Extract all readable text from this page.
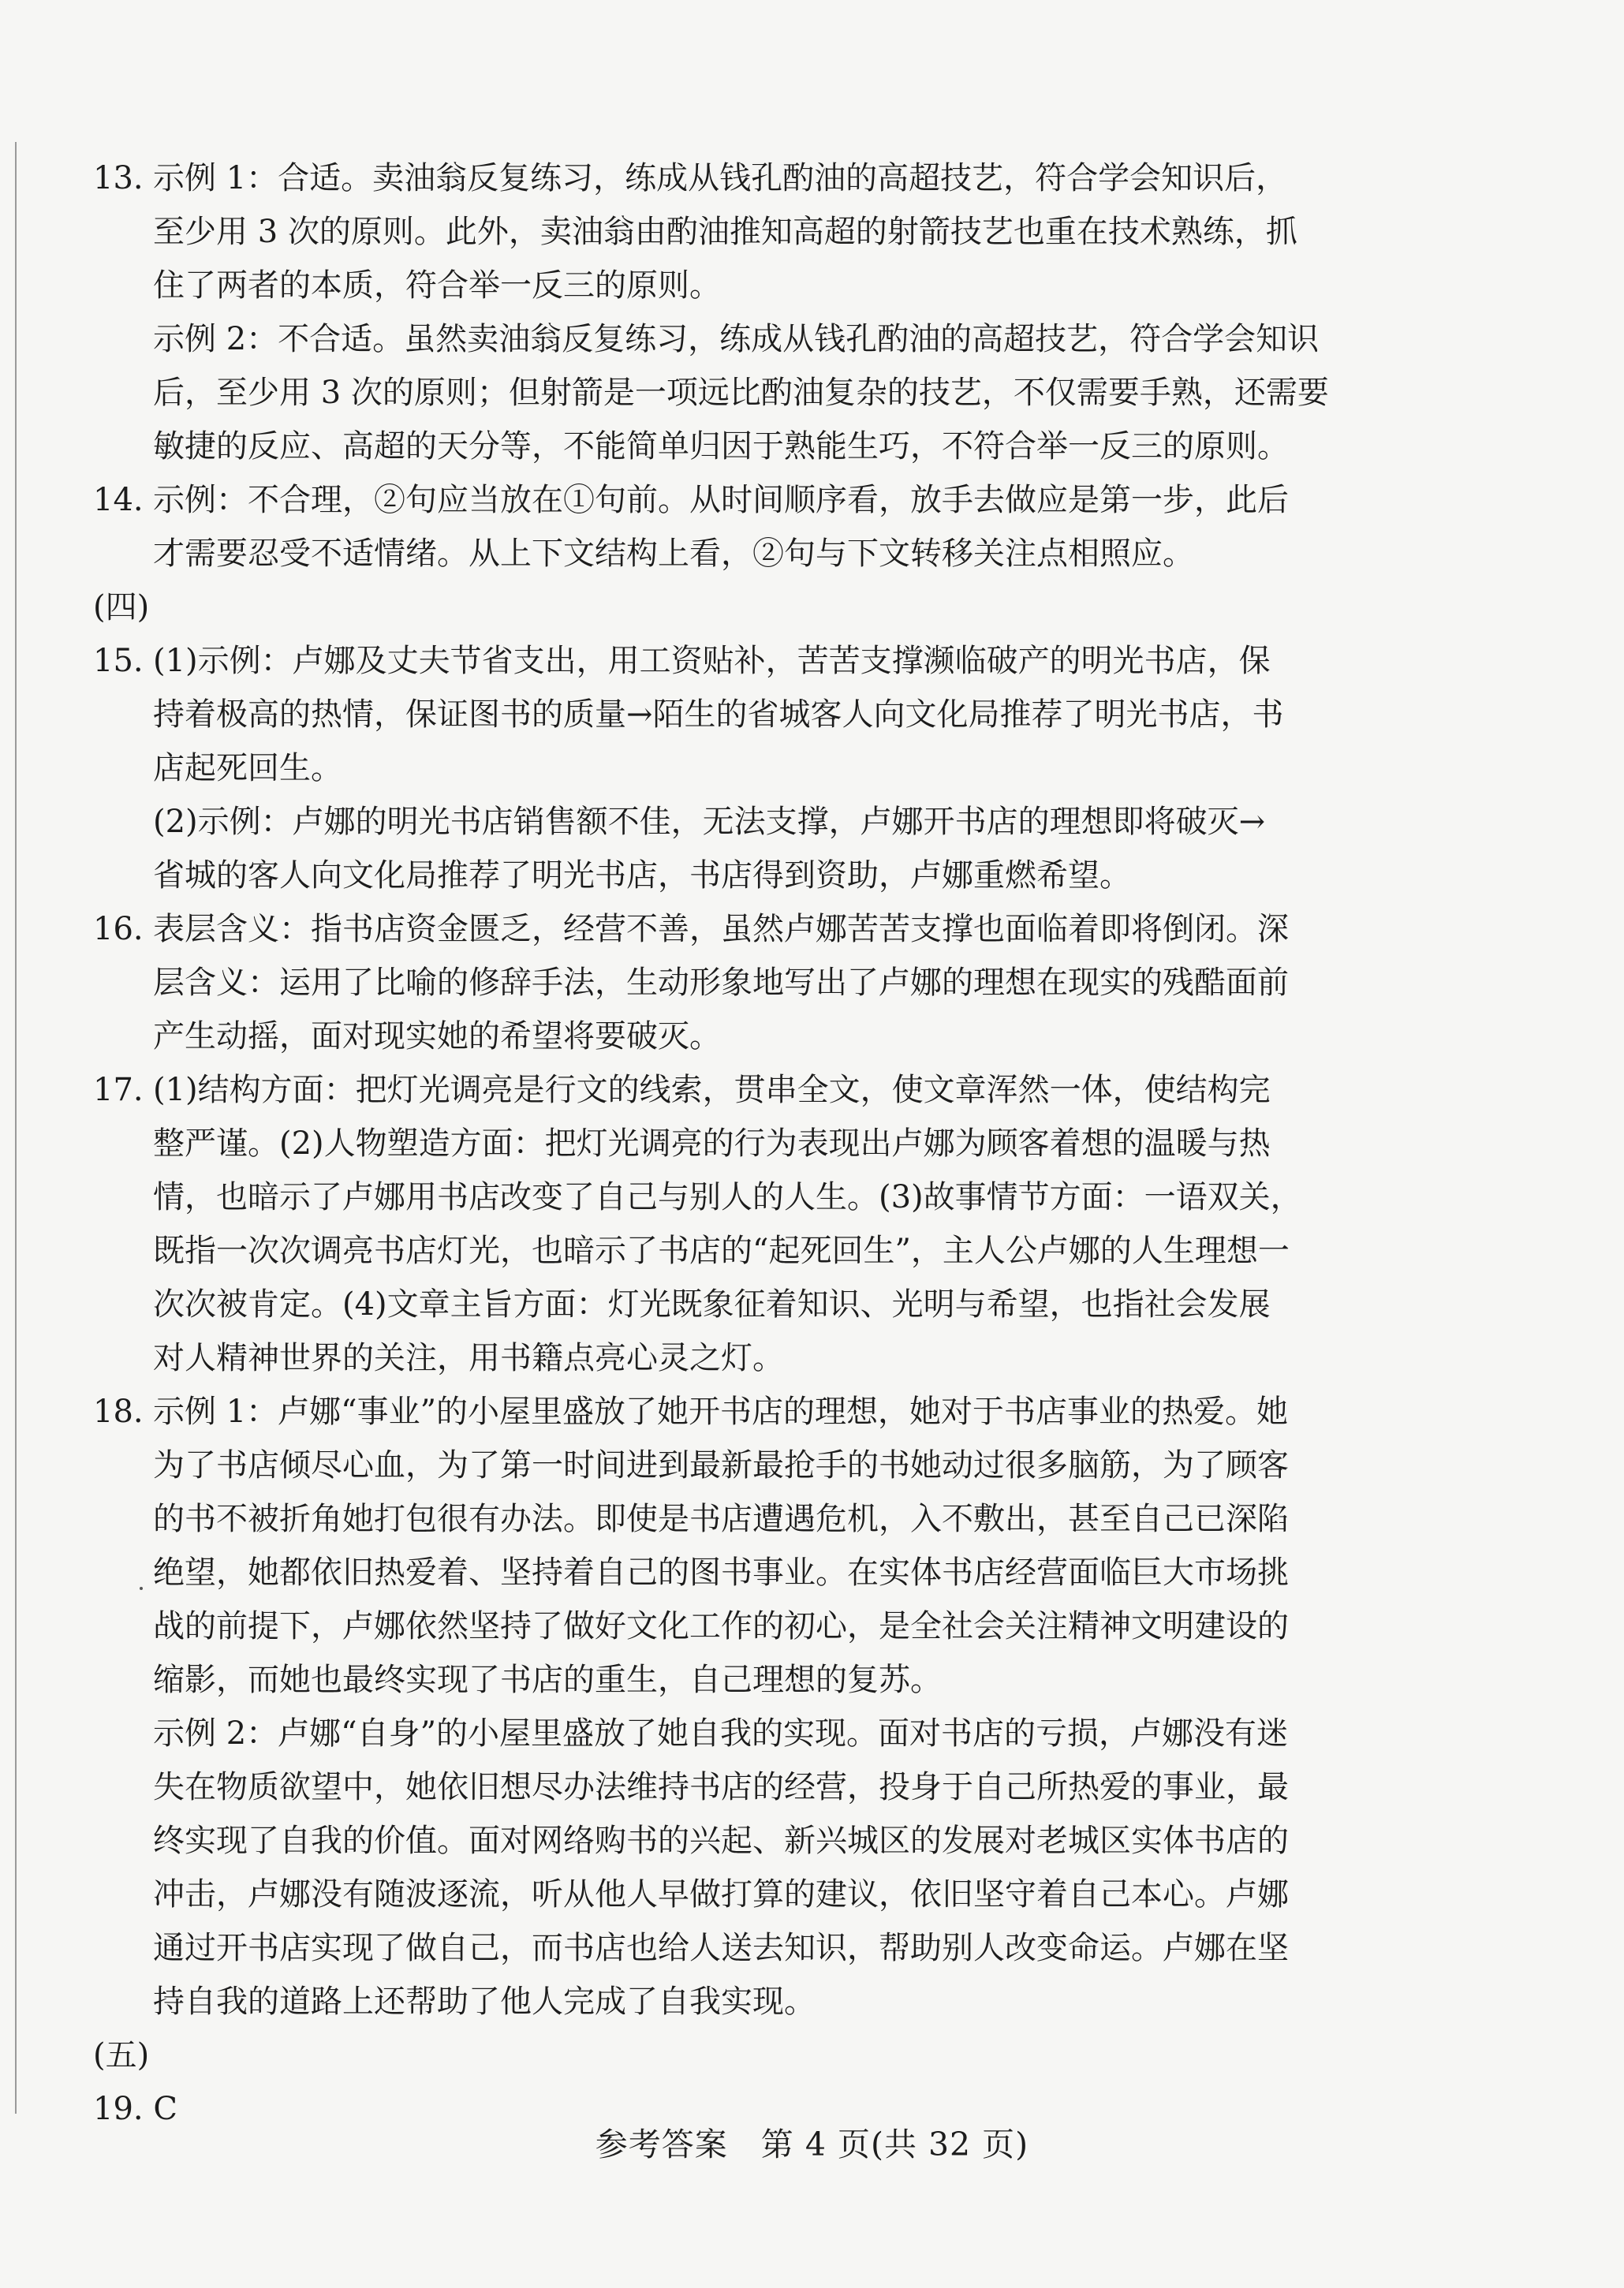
13. 示例 1：合适。卖油翁反复练习，练成从钱孔酌油的高超技艺，符合学会知识后，
至少用 3 次的原则。此外，卖油翁由酌油推知高超的射箭技艺也重在技术熟练，抓
住了两者的本质，符合举一反三的原则。
示例 2：不合适。虽然卖油翁反复练习，练成从钱孔酌油的高超技艺，符合学会知识
后，至少用 3 次的原则；但射箭是一项远比酌油复杂的技艺，不仅需要手熟，还需要
敏捷的反应、高超的天分等，不能简单归因于熟能生巧，不符合举一反三的原则。
14. 示例：不合理，②句应当放在①句前。从时间顺序看，放手去做应是第一步，此后
才需要忍受不适情绪。从上下文结构上看，②句与下文转移关注点相照应。
(四)
15. (1)示例：卢娜及丈夫节省支出，用工资贴补，苦苦支撑濒临破产的明光书店，保
持着极高的热情，保证图书的质量→陌生的省城客人向文化局推荐了明光书店，书
店起死回生。
(2)示例：卢娜的明光书店销售额不佳，无法支撑，卢娜开书店的理想即将破灭→
省城的客人向文化局推荐了明光书店，书店得到资助，卢娜重燃希望。
16. 表层含义：指书店资金匮乏，经营不善，虽然卢娜苦苦支撑也面临着即将倒闭。深
层含义：运用了比喻的修辞手法，生动形象地写出了卢娜的理想在现实的残酷面前
产生动摇，面对现实她的希望将要破灭。
17. (1)结构方面：把灯光调亮是行文的线索，贯串全文，使文章浑然一体，使结构完
整严谨。(2)人物塑造方面：把灯光调亮的行为表现出卢娜为顾客着想的温暖与热
情，也暗示了卢娜用书店改变了自己与别人的人生。(3)故事情节方面：一语双关，
既指一次次调亮书店灯光，也暗示了书店的“起死回生”，主人公卢娜的人生理想一
次次被肯定。(4)文章主旨方面：灯光既象征着知识、光明与希望，也指社会发展
对人精神世界的关注，用书籍点亮心灵之灯。
18. 示例 1：卢娜“事业”的小屋里盛放了她开书店的理想，她对于书店事业的热爱。她
为了书店倾尽心血，为了第一时间进到最新最抢手的书她动过很多脑筋，为了顾客
的书不被折角她打包很有办法。即使是书店遭遇危机，入不敷出，甚至自己已深陷
绝望，她都依旧热爱着、坚持着自己的图书事业。在实体书店经营面临巨大市场挑
战的前提下，卢娜依然坚持了做好文化工作的初心，是全社会关注精神文明建设的
缩影，而她也最终实现了书店的重生，自己理想的复苏。
示例 2：卢娜“自身”的小屋里盛放了她自我的实现。面对书店的亏损，卢娜没有迷
失在物质欲望中，她依旧想尽办法维持书店的经营，投身于自己所热爱的事业，最
终实现了自我的价值。面对网络购书的兴起、新兴城区的发展对老城区实体书店的
冲击，卢娜没有随波逐流，听从他人早做打算的建议，依旧坚守着自己本心。卢娜
通过开书店实现了做自己，而书店也给人送去知识，帮助别人改变命运。卢娜在坚
持自我的道路上还帮助了他人完成了自我实现。
(五)
19. C
参考答案　第 4 页(共 32 页)
